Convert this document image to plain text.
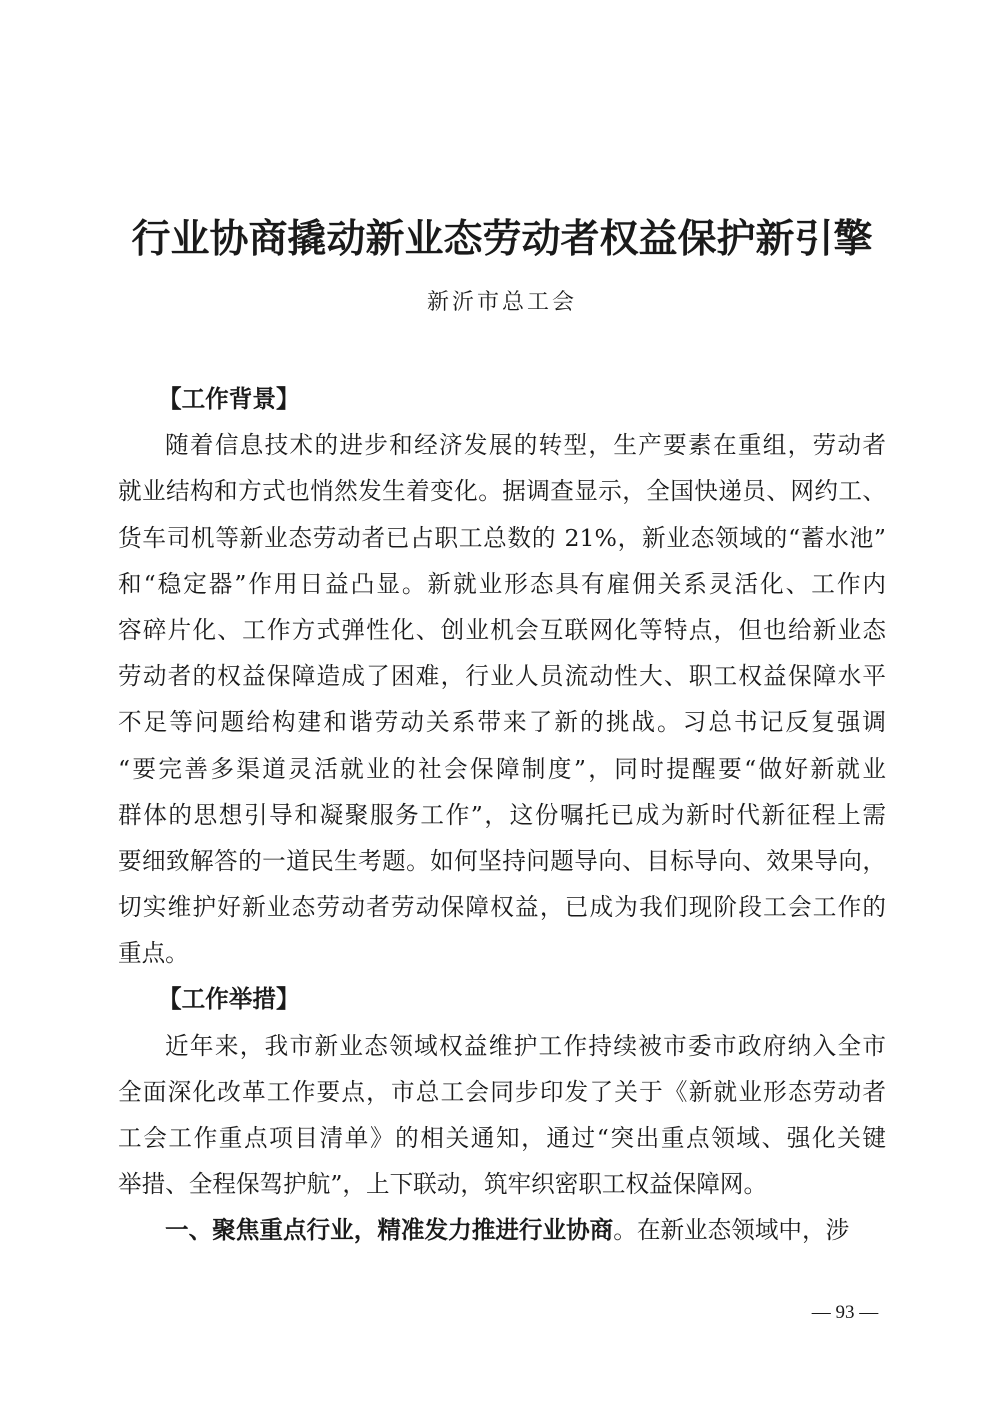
行业协商撬动新业态劳动者权益保护新引擎
新沂市总工会
【工作背景】
随着信息技术的进步和经济发展的转型，生产要素在重组，劳动者
就业结构和方式也悄然发生着变化。据调查显示，全国快递员、网约工、
货车司机等新业态劳动者已占职工总数的 21%，新业态领域的“蓄水池”
和“稳定器”作用日益凸显。新就业形态具有雇佣关系灵活化、工作内
容碎片化、工作方式弹性化、创业机会互联网化等特点，但也给新业态
劳动者的权益保障造成了困难，行业人员流动性大、职工权益保障水平
不足等问题给构建和谐劳动关系带来了新的挑战。习总书记反复强调
“要完善多渠道灵活就业的社会保障制度”，同时提醒要“做好新就业
群体的思想引导和凝聚服务工作”，这份嘱托已成为新时代新征程上需
要细致解答的一道民生考题。如何坚持问题导向、目标导向、效果导向，
切实维护好新业态劳动者劳动保障权益，已成为我们现阶段工会工作的
重点。
【工作举措】
近年来，我市新业态领域权益维护工作持续被市委市政府纳入全市
全面深化改革工作要点，市总工会同步印发了关于《新就业形态劳动者
工会工作重点项目清单》的相关通知，通过“突出重点领域、强化关键
举措、全程保驾护航”，上下联动，筑牢织密职工权益保障网。
一、聚焦重点行业，精准发力推进行业协商。在新业态领域中，涉
— 93 —
